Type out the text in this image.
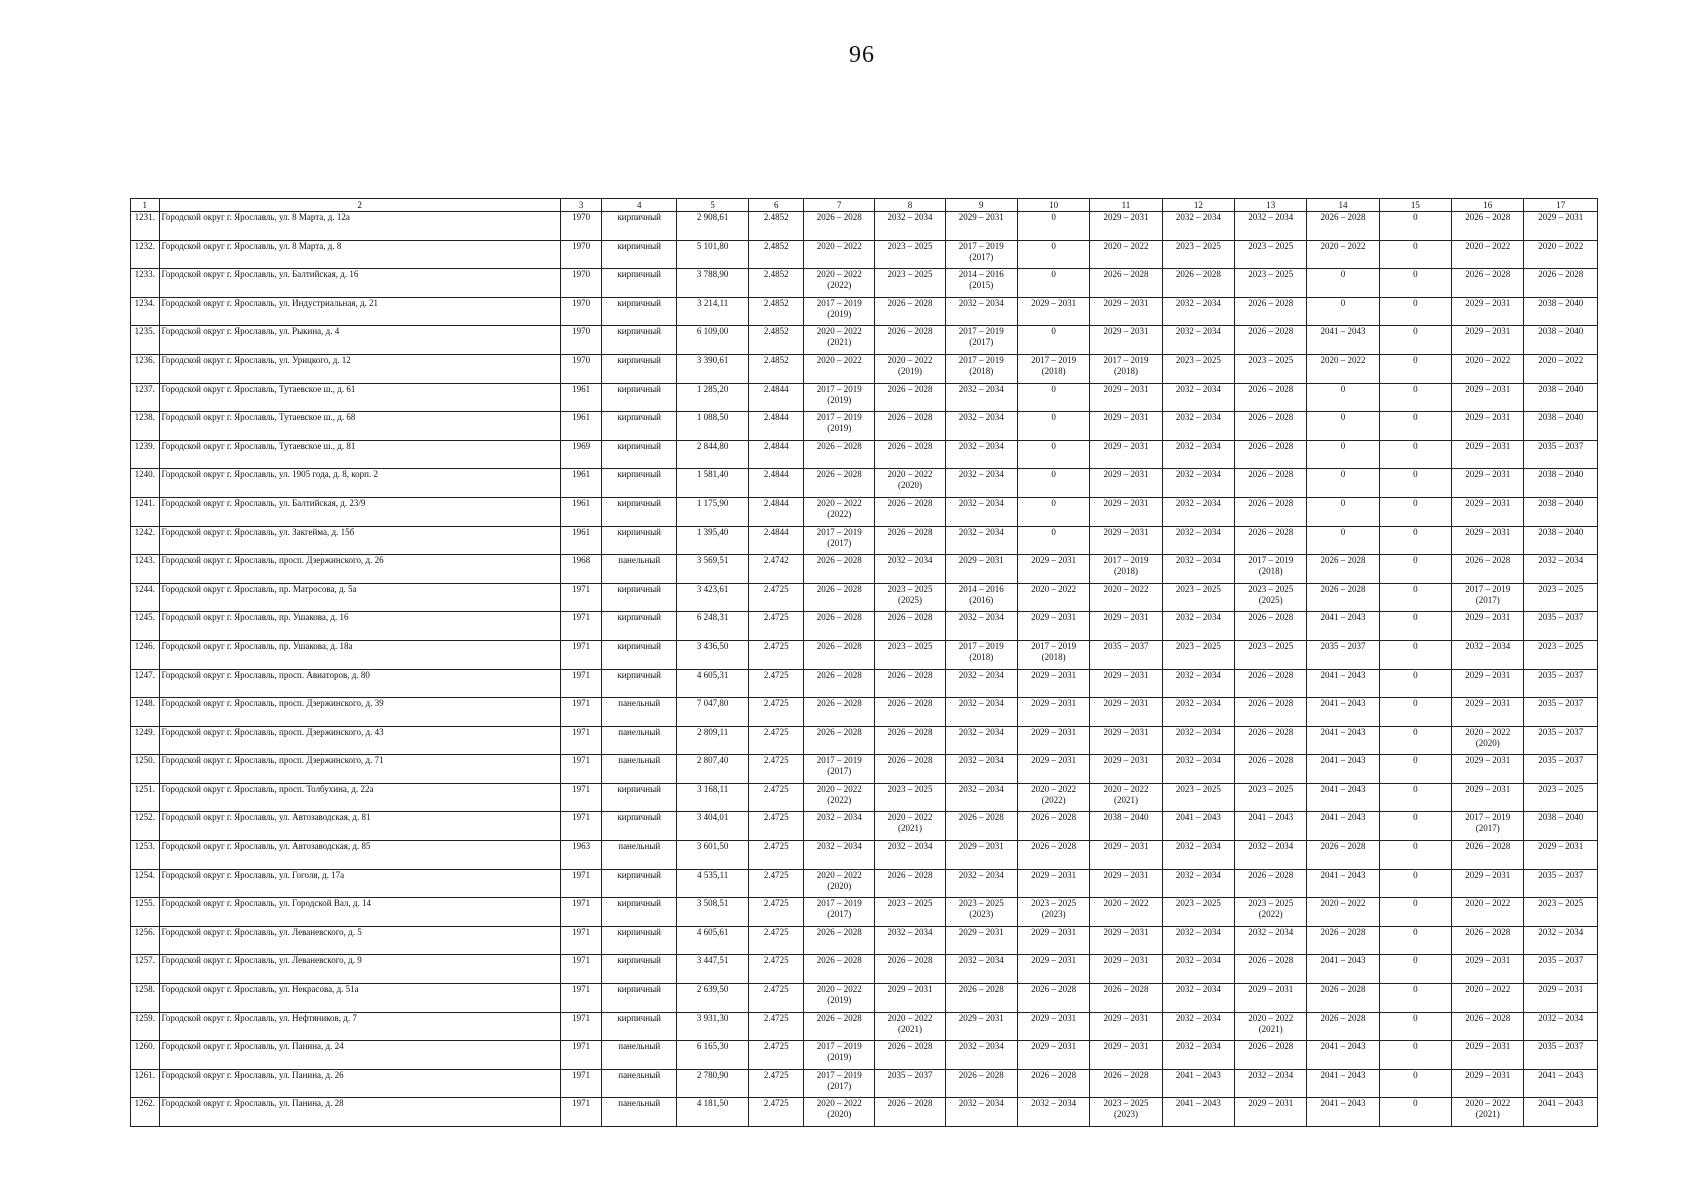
96
1	2	3	4	5	6	7	8	9	10	11	12	13	14	15	16	17
1231.	Городской округ г. Ярославль, ул. 8 Марта, д. 12а	1970	кирпичный	2 908,61	2.4852	2026 – 2028	2032 – 2034	2029 – 2031	0	2029 – 2031	2032 – 2034	2032 – 2034	2026 – 2028	0	2026 – 2028	2029 – 2031
1232.	Городской округ г. Ярославль, ул. 8 Марта, д. 8	1970	кирпичный	5 101,80	2.4852	2020 – 2022	2023 – 2025	2017 – 2019
(2017)	0	2020 – 2022	2023 – 2025	2023 – 2025	2020 – 2022	0	2020 – 2022	2020 – 2022
1233.	Городской округ г. Ярославль, ул. Балтийская, д. 16	1970	кирпичный	3 788,90	2.4852	2020 – 2022
(2022)	2023 – 2025	2014 – 2016
(2015)	0	2026 – 2028	2026 – 2028	2023 – 2025	0	0	2026 – 2028	2026 – 2028
1234.	Городской округ г. Ярославль, ул. Индустриальная, д. 21	1970	кирпичный	3 214,11	2.4852	2017 – 2019
(2019)	2026 – 2028	2032 – 2034	2029 – 2031	2029 – 2031	2032 – 2034	2026 – 2028	0	0	2029 – 2031	2038 – 2040
1235.	Городской округ г. Ярославль, ул. Рыкина, д. 4	1970	кирпичный	6 109,00	2.4852	2020 – 2022
(2021)	2026 – 2028	2017 – 2019
(2017)	0	2029 – 2031	2032 – 2034	2026 – 2028	2041 – 2043	0	2029 – 2031	2038 – 2040
1236.	Городской округ г. Ярославль, ул. Урицкого, д. 12	1970	кирпичный	3 390,61	2.4852	2020 – 2022	2020 – 2022
(2019)	2017 – 2019
(2018)	2017 – 2019
(2018)	2017 – 2019
(2018)	2023 – 2025	2023 – 2025	2020 – 2022	0	2020 – 2022	2020 – 2022
1237.	Городской округ г. Ярославль, Тутаевское ш., д. 61	1961	кирпичный	1 285,20	2.4844	2017 – 2019
(2019)	2026 – 2028	2032 – 2034	0	2029 – 2031	2032 – 2034	2026 – 2028	0	0	2029 – 2031	2038 – 2040
1238.	Городской округ г. Ярославль, Тутаевское ш., д. 68	1961	кирпичный	1 088,50	2.4844	2017 – 2019
(2019)	2026 – 2028	2032 – 2034	0	2029 – 2031	2032 – 2034	2026 – 2028	0	0	2029 – 2031	2038 – 2040
1239.	Городской округ г. Ярославль, Тутаевское ш., д. 81	1969	кирпичный	2 844,80	2.4844	2026 – 2028	2026 – 2028	2032 – 2034	0	2029 – 2031	2032 – 2034	2026 – 2028	0	0	2029 – 2031	2035 – 2037
1240.	Городской округ г. Ярославль, ул. 1905 года, д. 8, корп. 2	1961	кирпичный	1 581,40	2.4844	2026 – 2028	2020 – 2022
(2020)	2032 – 2034	0	2029 – 2031	2032 – 2034	2026 – 2028	0	0	2029 – 2031	2038 – 2040
1241.	Городской округ г. Ярославль, ул. Балтийская, д. 23/9	1961	кирпичный	1 175,90	2.4844	2020 – 2022
(2022)	2026 – 2028	2032 – 2034	0	2029 – 2031	2032 – 2034	2026 – 2028	0	0	2029 – 2031	2038 – 2040
1242.	Городской округ г. Ярославль, ул. Закгейма, д. 15б	1961	кирпичный	1 395,40	2.4844	2017 – 2019
(2017)	2026 – 2028	2032 – 2034	0	2029 – 2031	2032 – 2034	2026 – 2028	0	0	2029 – 2031	2038 – 2040
1243.	Городской округ г. Ярославль, просп. Дзержинского, д. 26	1968	панельный	3 569,51	2.4742	2026 – 2028	2032 – 2034	2029 – 2031	2029 – 2031	2017 – 2019
(2018)	2032 – 2034	2017 – 2019
(2018)	2026 – 2028	0	2026 – 2028	2032 – 2034
1244.	Городской округ г. Ярославль, пр. Матросова, д. 5а	1971	кирпичный	3 423,61	2.4725	2026 – 2028	2023 – 2025
(2025)	2014 – 2016
(2016)	2020 – 2022	2020 – 2022	2023 – 2025	2023 – 2025
(2025)	2026 – 2028	0	2017 – 2019
(2017)	2023 – 2025
1245.	Городской округ г. Ярославль, пр. Ушакова, д. 16	1971	кирпичный	6 248,31	2.4725	2026 – 2028	2026 – 2028	2032 – 2034	2029 – 2031	2029 – 2031	2032 – 2034	2026 – 2028	2041 – 2043	0	2029 – 2031	2035 – 2037
1246.	Городской округ г. Ярославль, пр. Ушакова, д. 18а	1971	кирпичный	3 436,50	2.4725	2026 – 2028	2023 – 2025	2017 – 2019
(2018)	2017 – 2019
(2018)	2035 – 2037	2023 – 2025	2023 – 2025	2035 – 2037	0	2032 – 2034	2023 – 2025
1247.	Городской округ г. Ярославль, просп. Авиаторов, д. 80	1971	кирпичный	4 605,31	2.4725	2026 – 2028	2026 – 2028	2032 – 2034	2029 – 2031	2029 – 2031	2032 – 2034	2026 – 2028	2041 – 2043	0	2029 – 2031	2035 – 2037
1248.	Городской округ г. Ярославль, просп. Дзержинского, д. 39	1971	панельный	7 047,80	2.4725	2026 – 2028	2026 – 2028	2032 – 2034	2029 – 2031	2029 – 2031	2032 – 2034	2026 – 2028	2041 – 2043	0	2029 – 2031	2035 – 2037
1249.	Городской округ г. Ярославль, просп. Дзержинского, д. 43	1971	панельный	2 809,11	2.4725	2026 – 2028	2026 – 2028	2032 – 2034	2029 – 2031	2029 – 2031	2032 – 2034	2026 – 2028	2041 – 2043	0	2020 – 2022
(2020)	2035 – 2037
1250.	Городской округ г. Ярославль, просп. Дзержинского, д. 71	1971	панельный	2 807,40	2.4725	2017 – 2019
(2017)	2026 – 2028	2032 – 2034	2029 – 2031	2029 – 2031	2032 – 2034	2026 – 2028	2041 – 2043	0	2029 – 2031	2035 – 2037
1251.	Городской округ г. Ярославль, просп. Толбухина, д. 22а	1971	кирпичный	3 168,11	2.4725	2020 – 2022
(2022)	2023 – 2025	2032 – 2034	2020 – 2022
(2022)	2020 – 2022
(2021)	2023 – 2025	2023 – 2025	2041 – 2043	0	2029 – 2031	2023 – 2025
1252.	Городской округ г. Ярославль, ул. Автозаводская, д. 81	1971	кирпичный	3 404,01	2.4725	2032 – 2034	2020 – 2022
(2021)	2026 – 2028	2026 – 2028	2038 – 2040	2041 – 2043	2041 – 2043	2041 – 2043	0	2017 – 2019
(2017)	2038 – 2040
1253.	Городской округ г. Ярославль, ул. Автозаводская, д. 85	1963	панельный	3 601,50	2.4725	2032 – 2034	2032 – 2034	2029 – 2031	2026 – 2028	2029 – 2031	2032 – 2034	2032 – 2034	2026 – 2028	0	2026 – 2028	2029 – 2031
1254.	Городской округ г. Ярославль, ул. Гоголя, д. 17а	1971	кирпичный	4 535,11	2.4725	2020 – 2022
(2020)	2026 – 2028	2032 – 2034	2029 – 2031	2029 – 2031	2032 – 2034	2026 – 2028	2041 – 2043	0	2029 – 2031	2035 – 2037
1255.	Городской округ г. Ярославль, ул. Городской Вал, д. 14	1971	кирпичный	3 508,51	2.4725	2017 – 2019
(2017)	2023 – 2025	2023 – 2025
(2023)	2023 – 2025
(2023)	2020 – 2022	2023 – 2025	2023 – 2025
(2022)	2020 – 2022	0	2020 – 2022	2023 – 2025
1256.	Городской округ г. Ярославль, ул. Леваневского, д. 5	1971	кирпичный	4 605,61	2.4725	2026 – 2028	2032 – 2034	2029 – 2031	2029 – 2031	2029 – 2031	2032 – 2034	2032 – 2034	2026 – 2028	0	2026 – 2028	2032 – 2034
1257.	Городской округ г. Ярославль, ул. Леваневского, д. 9	1971	кирпичный	3 447,51	2.4725	2026 – 2028	2026 – 2028	2032 – 2034	2029 – 2031	2029 – 2031	2032 – 2034	2026 – 2028	2041 – 2043	0	2029 – 2031	2035 – 2037
1258.	Городской округ г. Ярославль, ул. Некрасова, д. 51а	1971	кирпичный	2 639,50	2.4725	2020 – 2022
(2019)	2029 – 2031	2026 – 2028	2026 – 2028	2026 – 2028	2032 – 2034	2029 – 2031	2026 – 2028	0	2020 – 2022	2029 – 2031
1259.	Городской округ г. Ярославль, ул. Нефтяников, д. 7	1971	кирпичный	3 931,30	2.4725	2026 – 2028	2020 – 2022
(2021)	2029 – 2031	2029 – 2031	2029 – 2031	2032 – 2034	2020 – 2022
(2021)	2026 – 2028	0	2026 – 2028	2032 – 2034
1260.	Городской округ г. Ярославль, ул. Панина, д. 24	1971	панельный	6 165,30	2.4725	2017 – 2019
(2019)	2026 – 2028	2032 – 2034	2029 – 2031	2029 – 2031	2032 – 2034	2026 – 2028	2041 – 2043	0	2029 – 2031	2035 – 2037
1261.	Городской округ г. Ярославль, ул. Панина, д. 26	1971	панельный	2 780,90	2.4725	2017 – 2019
(2017)	2035 – 2037	2026 – 2028	2026 – 2028	2026 – 2028	2041 – 2043	2032 – 2034	2041 – 2043	0	2029 – 2031	2041 – 2043
1262.	Городской округ г. Ярославль, ул. Панина, д. 28	1971	панельный	4 181,50	2.4725	2020 – 2022
(2020)	2026 – 2028	2032 – 2034	2032 – 2034	2023 – 2025
(2023)	2041 – 2043	2029 – 2031	2041 – 2043	0	2020 – 2022
(2021)	2041 – 2043
